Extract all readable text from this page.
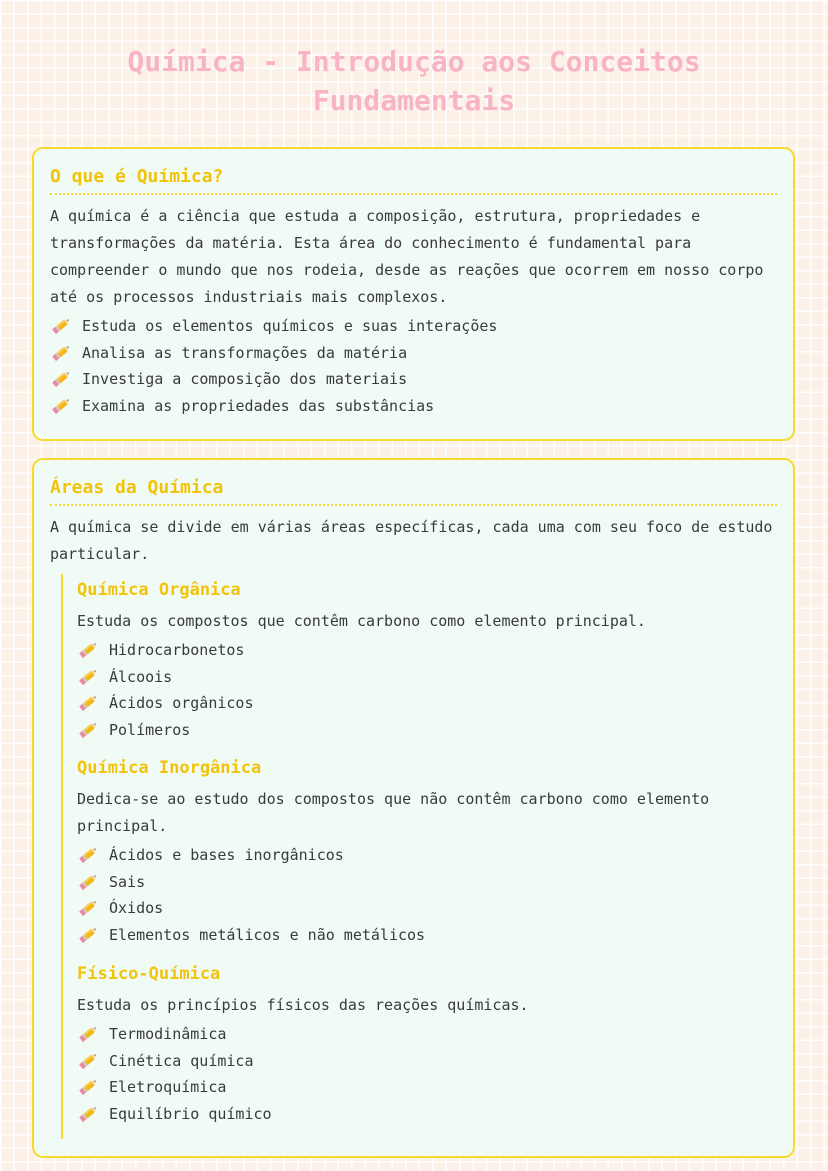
Química - Introdução aos Conceitos Fundamentais
O que é Química?

A química é a ciência que estuda a composição, estrutura, propriedades e transformações da matéria. Esta área do conhecimento é fundamental para compreender o mundo que nos rodeia, desde as reações que ocorrem em nosso corpo até os processos industriais mais complexos.

Estuda os elementos químicos e suas interações
Analisa as transformações da matéria
Investiga a composição dos materiais
Examina as propriedades das substâncias
Áreas da Química

A química se divide em várias áreas específicas, cada uma com seu foco de estudo particular.

Química Orgânica

Estuda os compostos que contêm carbono como elemento principal.

Hidrocarbonetos
Álcoois
Ácidos orgânicos
Polímeros
Química Inorgânica

Dedica-se ao estudo dos compostos que não contêm carbono como elemento principal.

Ácidos e bases inorgânicos
Sais
Óxidos
Elementos metálicos e não metálicos
Físico-Química

Estuda os princípios físicos das reações químicas.

Termodinâmica
Cinética química
Eletroquímica
Equilíbrio químico
